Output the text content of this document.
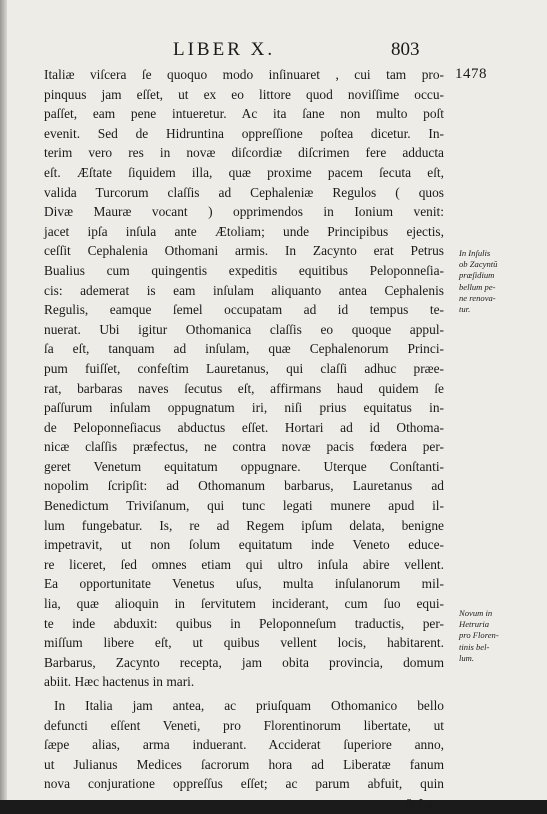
LIBER X.	803
1478
Italiæ viſcera ſe quoquo modo inſinuaret , cui tam pro-
pinquus jam eſſet, ut ex eo littore quod noviſſime occu-
paſſet, eam pene intueretur. Ac ita ſane non multo poſt
evenit. Sed de Hidruntina oppreſſione poſtea dicetur. In-
terim vero res in novæ diſcordiæ diſcrimen fere adducta
eſt. Æſtate ſiquidem illa, quæ proxime pacem ſecuta eſt,
valida Turcorum claſſis ad Cephaleniæ Regulos ( quos
Divæ Mauræ vocant ) opprimendos in Ionium venit:
jacet ipſa inſula ante Ætoliam; unde Principibus ejectis,
ceſſit Cephalenia Othomani armis. In Zacynto erat Petrus
Bualius cum quingentis expeditis equitibus Peloponneſia-
cis: ademerat is eam inſulam aliquanto antea Cephalenis
Regulis, eamque ſemel occupatam ad id tempus te-
nuerat. Ubi igitur Othomanica claſſis eo quoque appul-
ſa eſt, tanquam ad inſulam, quæ Cephalenorum Princi-
pum fuiſſet, confeſtim Lauretanus, qui claſſi adhuc præe-
rat, barbaras naves ſecutus eſt, affirmans haud quidem ſe
paſſurum inſulam oppugnatum iri, niſi prius equitatus in-
de Peloponneſiacus abductus eſſet. Hortari ad id Othoma-
nicæ claſſis præfectus, ne contra novæ pacis fœdera per-
geret Venetum equitatum oppugnare. Uterque Conſtanti-
nopolim ſcripſit: ad Othomanum barbarus, Lauretanus ad
Benedictum Triviſanum, qui tunc legati munere apud il-
lum fungebatur. Is, re ad Regem ipſum delata, benigne
impetravit, ut non ſolum equitatum inde Veneto educe-
re liceret, ſed omnes etiam qui ultro inſula abire vellent.
Ea opportunitate Venetus uſus, multa inſulanorum mil-
lia, quæ alioquin in ſervitutem inciderant, cum ſuo equi-
te inde abduxit: quibus in Peloponneſum traductis, per-
miſſum libere eſt, ut quibus vellent locis, habitarent.
Barbarus, Zacynto recepta, jam obita provincia, domum
abiit. Hæc hactenus in mari.
In Italia jam antea, ac priuſquam Othomanico bello
defuncti eſſent Veneti, pro Florentinorum libertate, ut
ſæpe alias, arma induerant. Acciderat ſuperiore anno,
ut Julianus Medices ſacrorum hora ad Liberatæ fanum
nova conjuratione oppreſſus eſſet; ac parum abfuit, quin
& Lau-
In Inſulis
ob Zacyntū
præſidium
bellum pe-
ne renova-
tur.
Novum in
Hetruria
pro Floren-
tinis bel-
lum.
